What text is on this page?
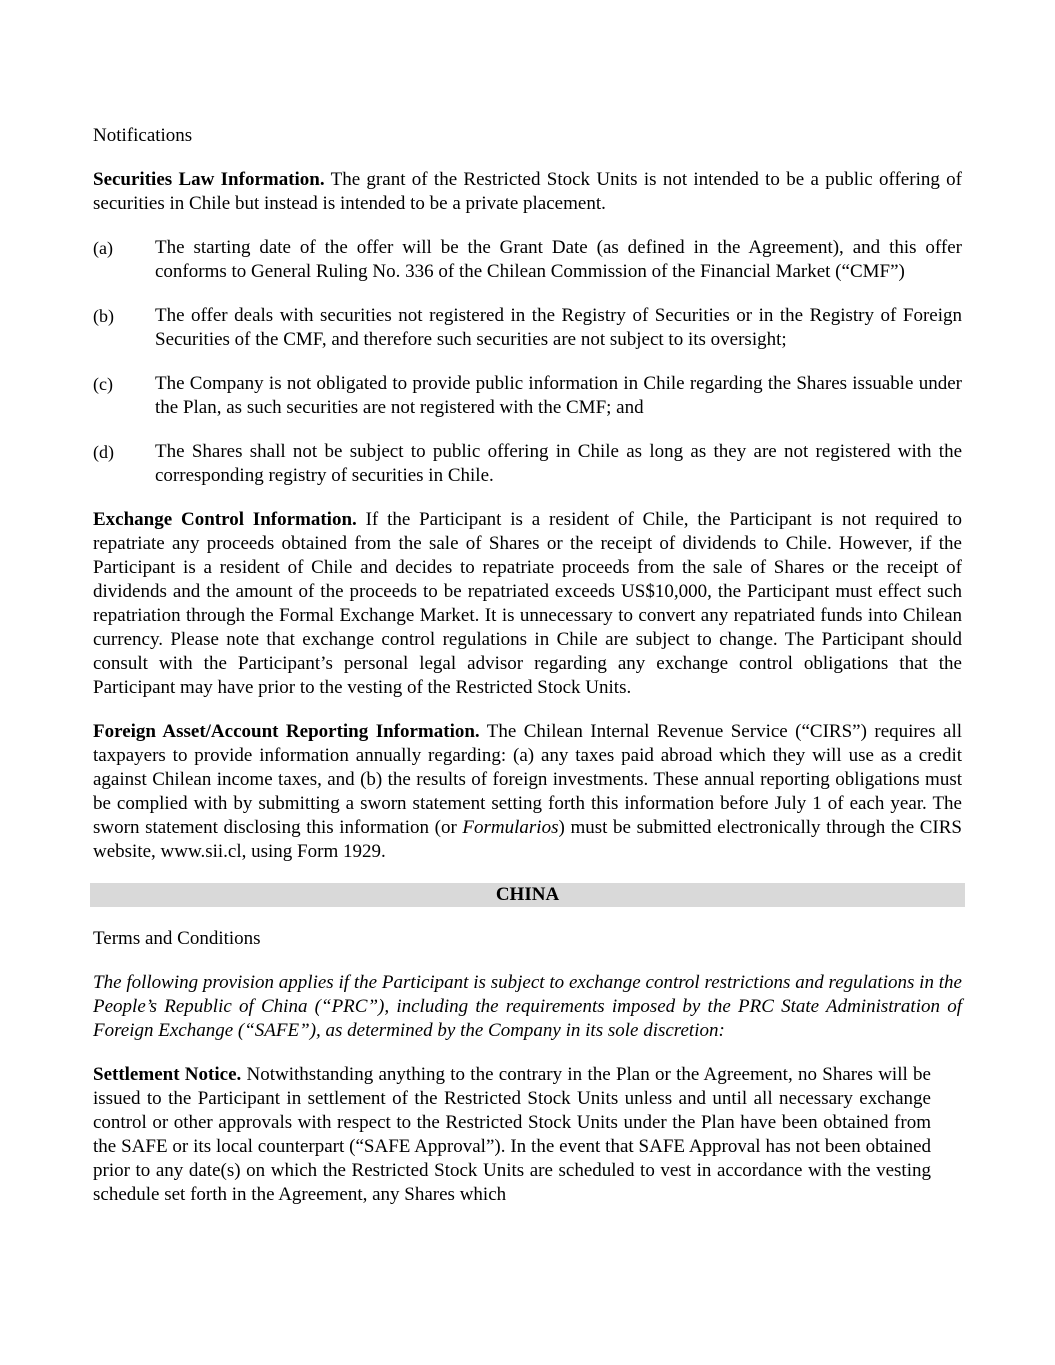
Notifications

Securities Law Information. The grant of the Restricted Stock Units is not intended to be a public offering of securities in Chile but instead is intended to be a private placement.

(a)	The starting date of the offer will be the Grant Date (as defined in the Agreement), and this offer conforms to General Ruling No. 336 of the Chilean Commission of the Financial Market (“CMF”)
(b)	The offer deals with securities not registered in the Registry of Securities or in the Registry of Foreign Securities of the CMF, and therefore such securities are not subject to its oversight;
(c)	The Company is not obligated to provide public information in Chile regarding the Shares issuable under the Plan, as such securities are not registered with the CMF; and
(d)	The Shares shall not be subject to public offering in Chile as long as they are not registered with the corresponding registry of securities in Chile.

Exchange Control Information. If the Participant is a resident of Chile, the Participant is not required to repatriate any proceeds obtained from the sale of Shares or the receipt of dividends to Chile. However, if the Participant is a resident of Chile and decides to repatriate proceeds from the sale of Shares or the receipt of dividends and the amount of the proceeds to be repatriated exceeds US$10,000, the Participant must effect such repatriation through the Formal Exchange Market. It is unnecessary to convert any repatriated funds into Chilean currency. Please note that exchange control regulations in Chile are subject to change. The Participant should consult with the Participant’s personal legal advisor regarding any exchange control obligations that the Participant may have prior to the vesting of the Restricted Stock Units.

Foreign Asset/Account Reporting Information. The Chilean Internal Revenue Service (“CIRS”) requires all taxpayers to provide information annually regarding: (a) any taxes paid abroad which they will use as a credit against Chilean income taxes, and (b) the results of foreign investments. These annual reporting obligations must be complied with by submitting a sworn statement setting forth this information before July 1 of each year. The sworn statement disclosing this information (or Formularios) must be submitted electronically through the CIRS website, www.sii.cl, using Form 1929.

CHINA

Terms and Conditions

The following provision applies if the Participant is subject to exchange control restrictions and regulations in the People’s Republic of China (“PRC”), including the requirements imposed by the PRC State Administration of Foreign Exchange (“SAFE”), as determined by the Company in its sole discretion:

Settlement Notice. Notwithstanding anything to the contrary in the Plan or the Agreement, no Shares will be issued to the Participant in settlement of the Restricted Stock Units unless and until all necessary exchange control or other approvals with respect to the Restricted Stock Units under the Plan have been obtained from the SAFE or its local counterpart (“SAFE Approval”). In the event that SAFE Approval has not been obtained prior to any date(s) on which the Restricted Stock Units are scheduled to vest in accordance with the vesting schedule set forth in the Agreement, any Shares which
